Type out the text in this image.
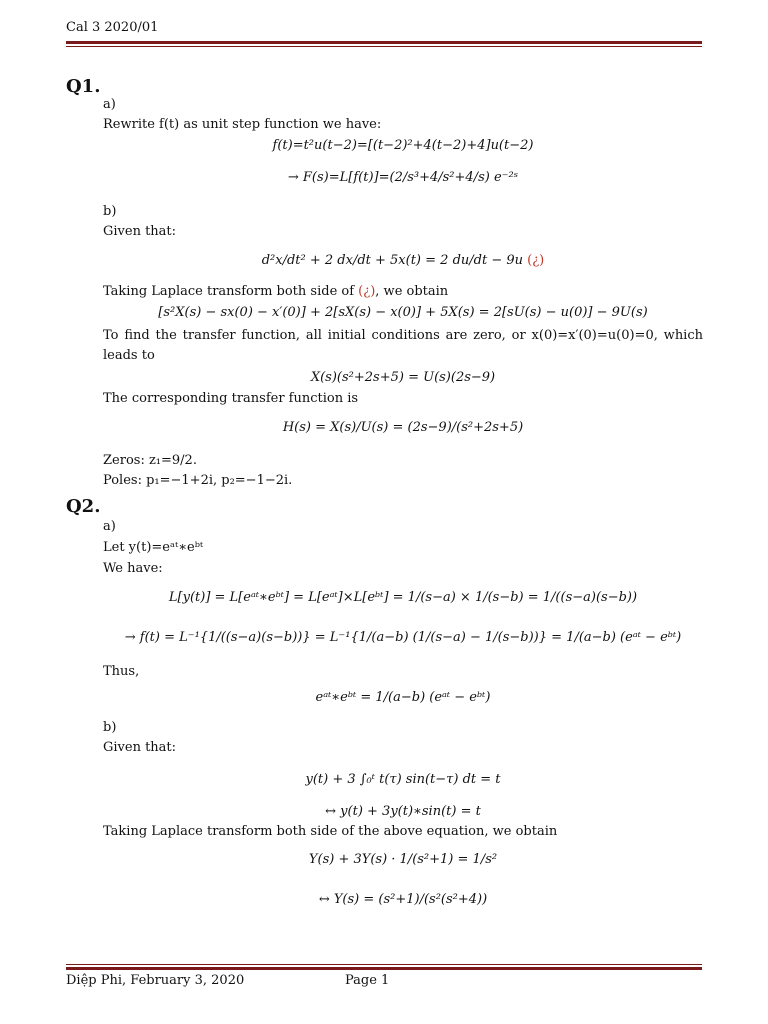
Cal 3 2020/01
Q1.
a)
Rewrite f(t) as unit step function we have:
f(t)=t²u(t−2)=[(t−2)²+4(t−2)+4]u(t−2)
→ F(s)=L[f(t)]=(2/s³+4/s²+4/s) e⁻²ˢ
b)
Given that:
d²x/dt² + 2 dx/dt + 5x(t) = 2 du/dt − 9u (¿)
Taking Laplace transform both side of (¿), we obtain
[s²X(s) − sx(0) − x′(0)] + 2[sX(s) − x(0)] + 5X(s) = 2[sU(s) − u(0)] − 9U(s)
To find the transfer function, all initial conditions are zero, or x(0)=x′(0)=u(0)=0, which leads to
X(s)(s²+2s+5) = U(s)(2s−9)
The corresponding transfer function is
H(s) = X(s)/U(s) = (2s−9)/(s²+2s+5)
Zeros: z₁=9/2.
Poles: p₁=−1+2i, p₂=−1−2i.
Q2.
a)
Let y(t)=eᵃᵗ∗eᵇᵗ
We have:
L[y(t)] = L[eᵃᵗ∗eᵇᵗ] = L[eᵃᵗ]×L[eᵇᵗ] = 1/(s−a) × 1/(s−b) = 1/((s−a)(s−b))
→ f(t) = L⁻¹{1/((s−a)(s−b))} = L⁻¹{1/(a−b) (1/(s−a) − 1/(s−b))} = 1/(a−b) (eᵃᵗ − eᵇᵗ)
Thus,
eᵃᵗ∗eᵇᵗ = 1/(a−b) (eᵃᵗ − eᵇᵗ)
b)
Given that:
y(t) + 3 ∫₀ᵗ t(τ) sin(t−τ) dt = t
↔ y(t) + 3y(t)∗sin(t) = t
Taking Laplace transform both side of the above equation, we obtain
Y(s) + 3Y(s) · 1/(s²+1) = 1/s²
↔ Y(s) = (s²+1)/(s²(s²+4))
Diệp Phi, February 3, 2020	Page 1
